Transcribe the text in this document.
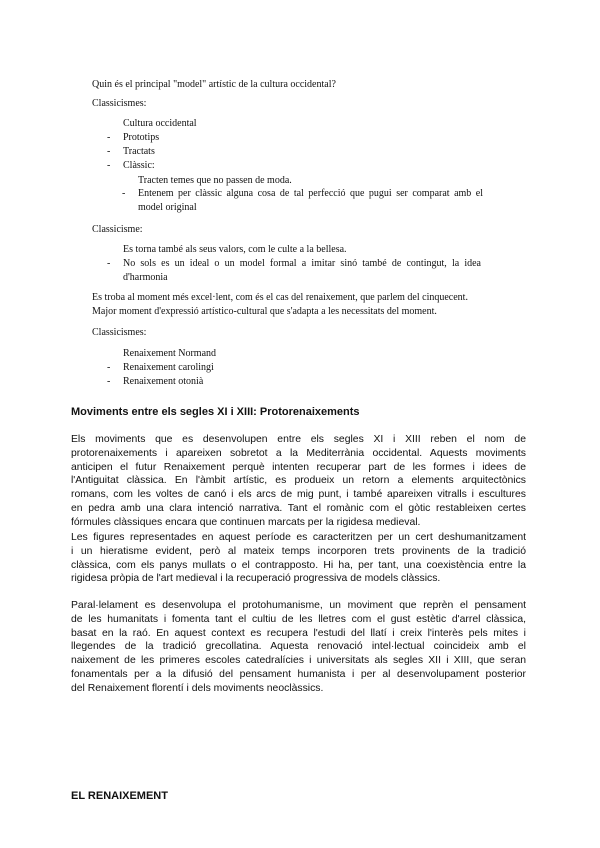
Quin és el principal "model" artístic de la cultura occidental?

Classicismes:

Cultura occidental
- Prototips
- Tractats
- Clàssic:
Tracten temes que no passen de moda.
- Entenem per clàssic alguna cosa de tal perfecció que pugui ser comparat amb el
model original

Classicisme:

Es torna també als seus valors, com le culte a la bellesa.
- No sols es un ideal o un model formal a imitar sinó també de contingut, la idea
d'harmonia
Es troba al moment més excel·lent, com és el cas del renaixement, que parlem del cinquecent.
Major moment d'expressió artístico-cultural que s'adapta a les necessitats del moment.

Classicismes:

Renaixement Normand
- Renaixement carolingi
- Renaixement otonià

Moviments entre els segles XI i XIII: Protorenaixements

Els moviments que es desenvolupen entre els segles XI i XIII reben el nom de
protorenaixements i apareixen sobretot a la Mediterrània occidental. Aquests moviments
anticipen el futur Renaixement perquè intenten recuperar part de les formes i idees de
l'Antiguitat clàssica. En l'àmbit artístic, es produeix un retorn a elements arquitectònics
romans, com les voltes de canó i els arcs de mig punt, i també apareixen vitralls i escultures
en pedra amb una clara intenció narrativa. Tant el romànic com el gòtic restableixen certes
fórmules clàssiques encara que continuen marcats per la rigidesa medieval.
Les figures representades en aquest període es caracteritzen per un cert deshumanitzament
i un hieratisme evident, però al mateix temps incorporen trets provinents de la tradició
clàssica, com els panys mullats o el contrapposto. Hi ha, per tant, una coexistència entre la
rigidesa pròpia de l'art medieval i la recuperació progressiva de models clàssics.
Paral·lelament es desenvolupa el protohumanisme, un moviment que reprèn el pensament
de les humanitats i fomenta tant el cultiu de les lletres com el gust estètic d'arrel clàssica,
basat en la raó. En aquest context es recupera l'estudi del llatí i creix l'interès pels mites i
llegendes de la tradició grecollatina. Aquesta renovació intel·lectual coincideix amb el
naixement de les primeres escoles catedralícies i universitats als segles XII i XIII, que seran
fonamentals per a la difusió del pensament humanista i per al desenvolupament posterior
del Renaixement florentí i dels moviments neoclàssics.

EL RENAIXEMENT
